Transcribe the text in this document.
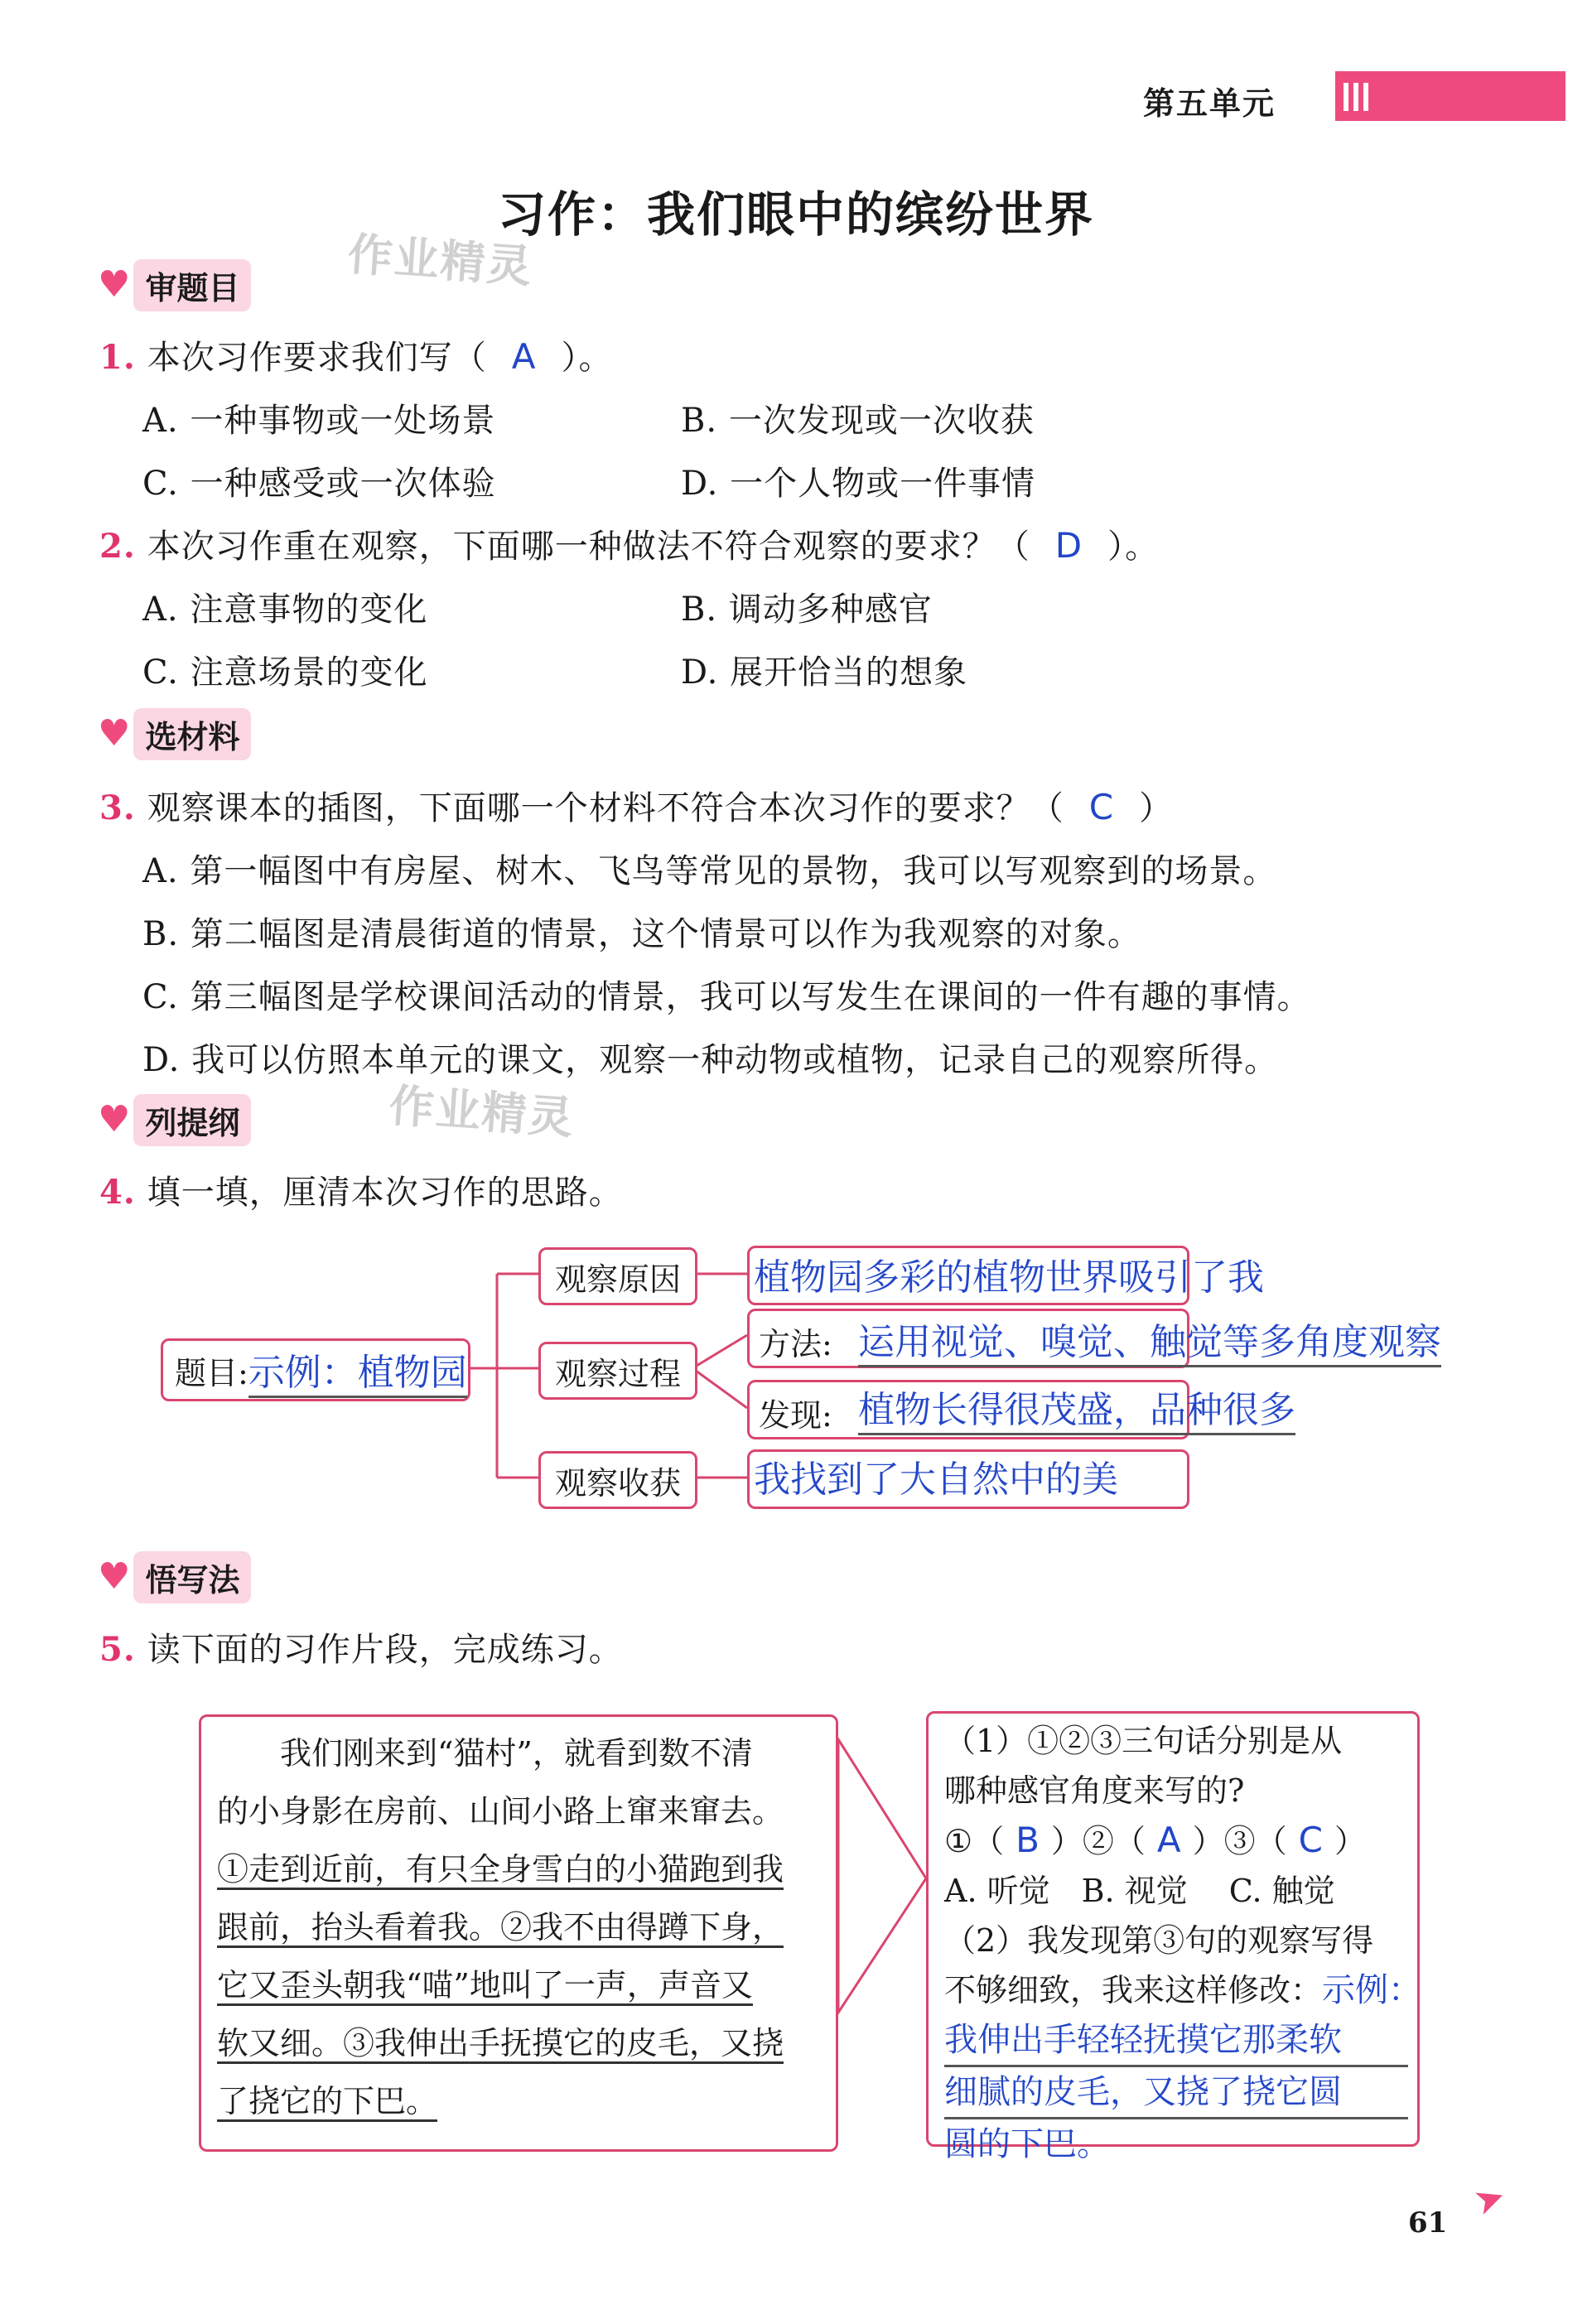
第五单元
习作：我们眼中的缤纷世界
作业精灵
作业精灵
♥ 审题目
1. 本次习作要求我们写（ A ）。
A. 一种事物或一处场景	B. 一次发现或一次收获
C. 一种感受或一次体验	D. 一个人物或一件事情
2. 本次习作重在观察，下面哪一种做法不符合观察的要求？（ D ）。
A. 注意事物的变化	B. 调动多种感官
C. 注意场景的变化	D. 展开恰当的想象
♥ 选材料
3. 观察课本的插图，下面哪一个材料不符合本次习作的要求？（ C ）
A. 第一幅图中有房屋、树木、飞鸟等常见的景物，我可以写观察到的场景。
B. 第二幅图是清晨街道的情景，这个情景可以作为我观察的对象。
C. 第三幅图是学校课间活动的情景，我可以写发生在课间的一件有趣的事情。
D. 我可以仿照本单元的课文，观察一种动物或植物，记录自己的观察所得。
♥ 列提纲
4. 填一填，厘清本次习作的思路。
题目: 示例：植物园
观察原因
观察过程
观察收获
植物园多彩的植物世界吸引了我
方法: 运用视觉、嗅觉、触觉等多角度观察
发现: 植物长得很茂盛，品种很多
我找到了大自然中的美
♥ 悟写法
5. 读下面的习作片段，完成练习。
我们刚来到“猫村”，就看到数不清
的小身影在房前、山间小路上窜来窜去。
①走到近前，有只全身雪白的小猫跑到我
跟前，抬头看着我。②我不由得蹲下身，
它又歪头朝我“喵”地叫了一声，声音又
软又细。③我伸出手抚摸它的皮毛，又挠
了挠它的下巴。
（1）①②③三句话分别是从
哪种感官角度来写的?
①（ B ）②（ A ）③（ C ）
A. 听觉　B. 视觉　 C. 触觉
（2）我发现第③句的观察写得
不够细致，我来这样修改：示例：
我伸出手轻轻抚摸它那柔软
细腻的皮毛，又挠了挠它圆
圆的下巴。
61 ➤
